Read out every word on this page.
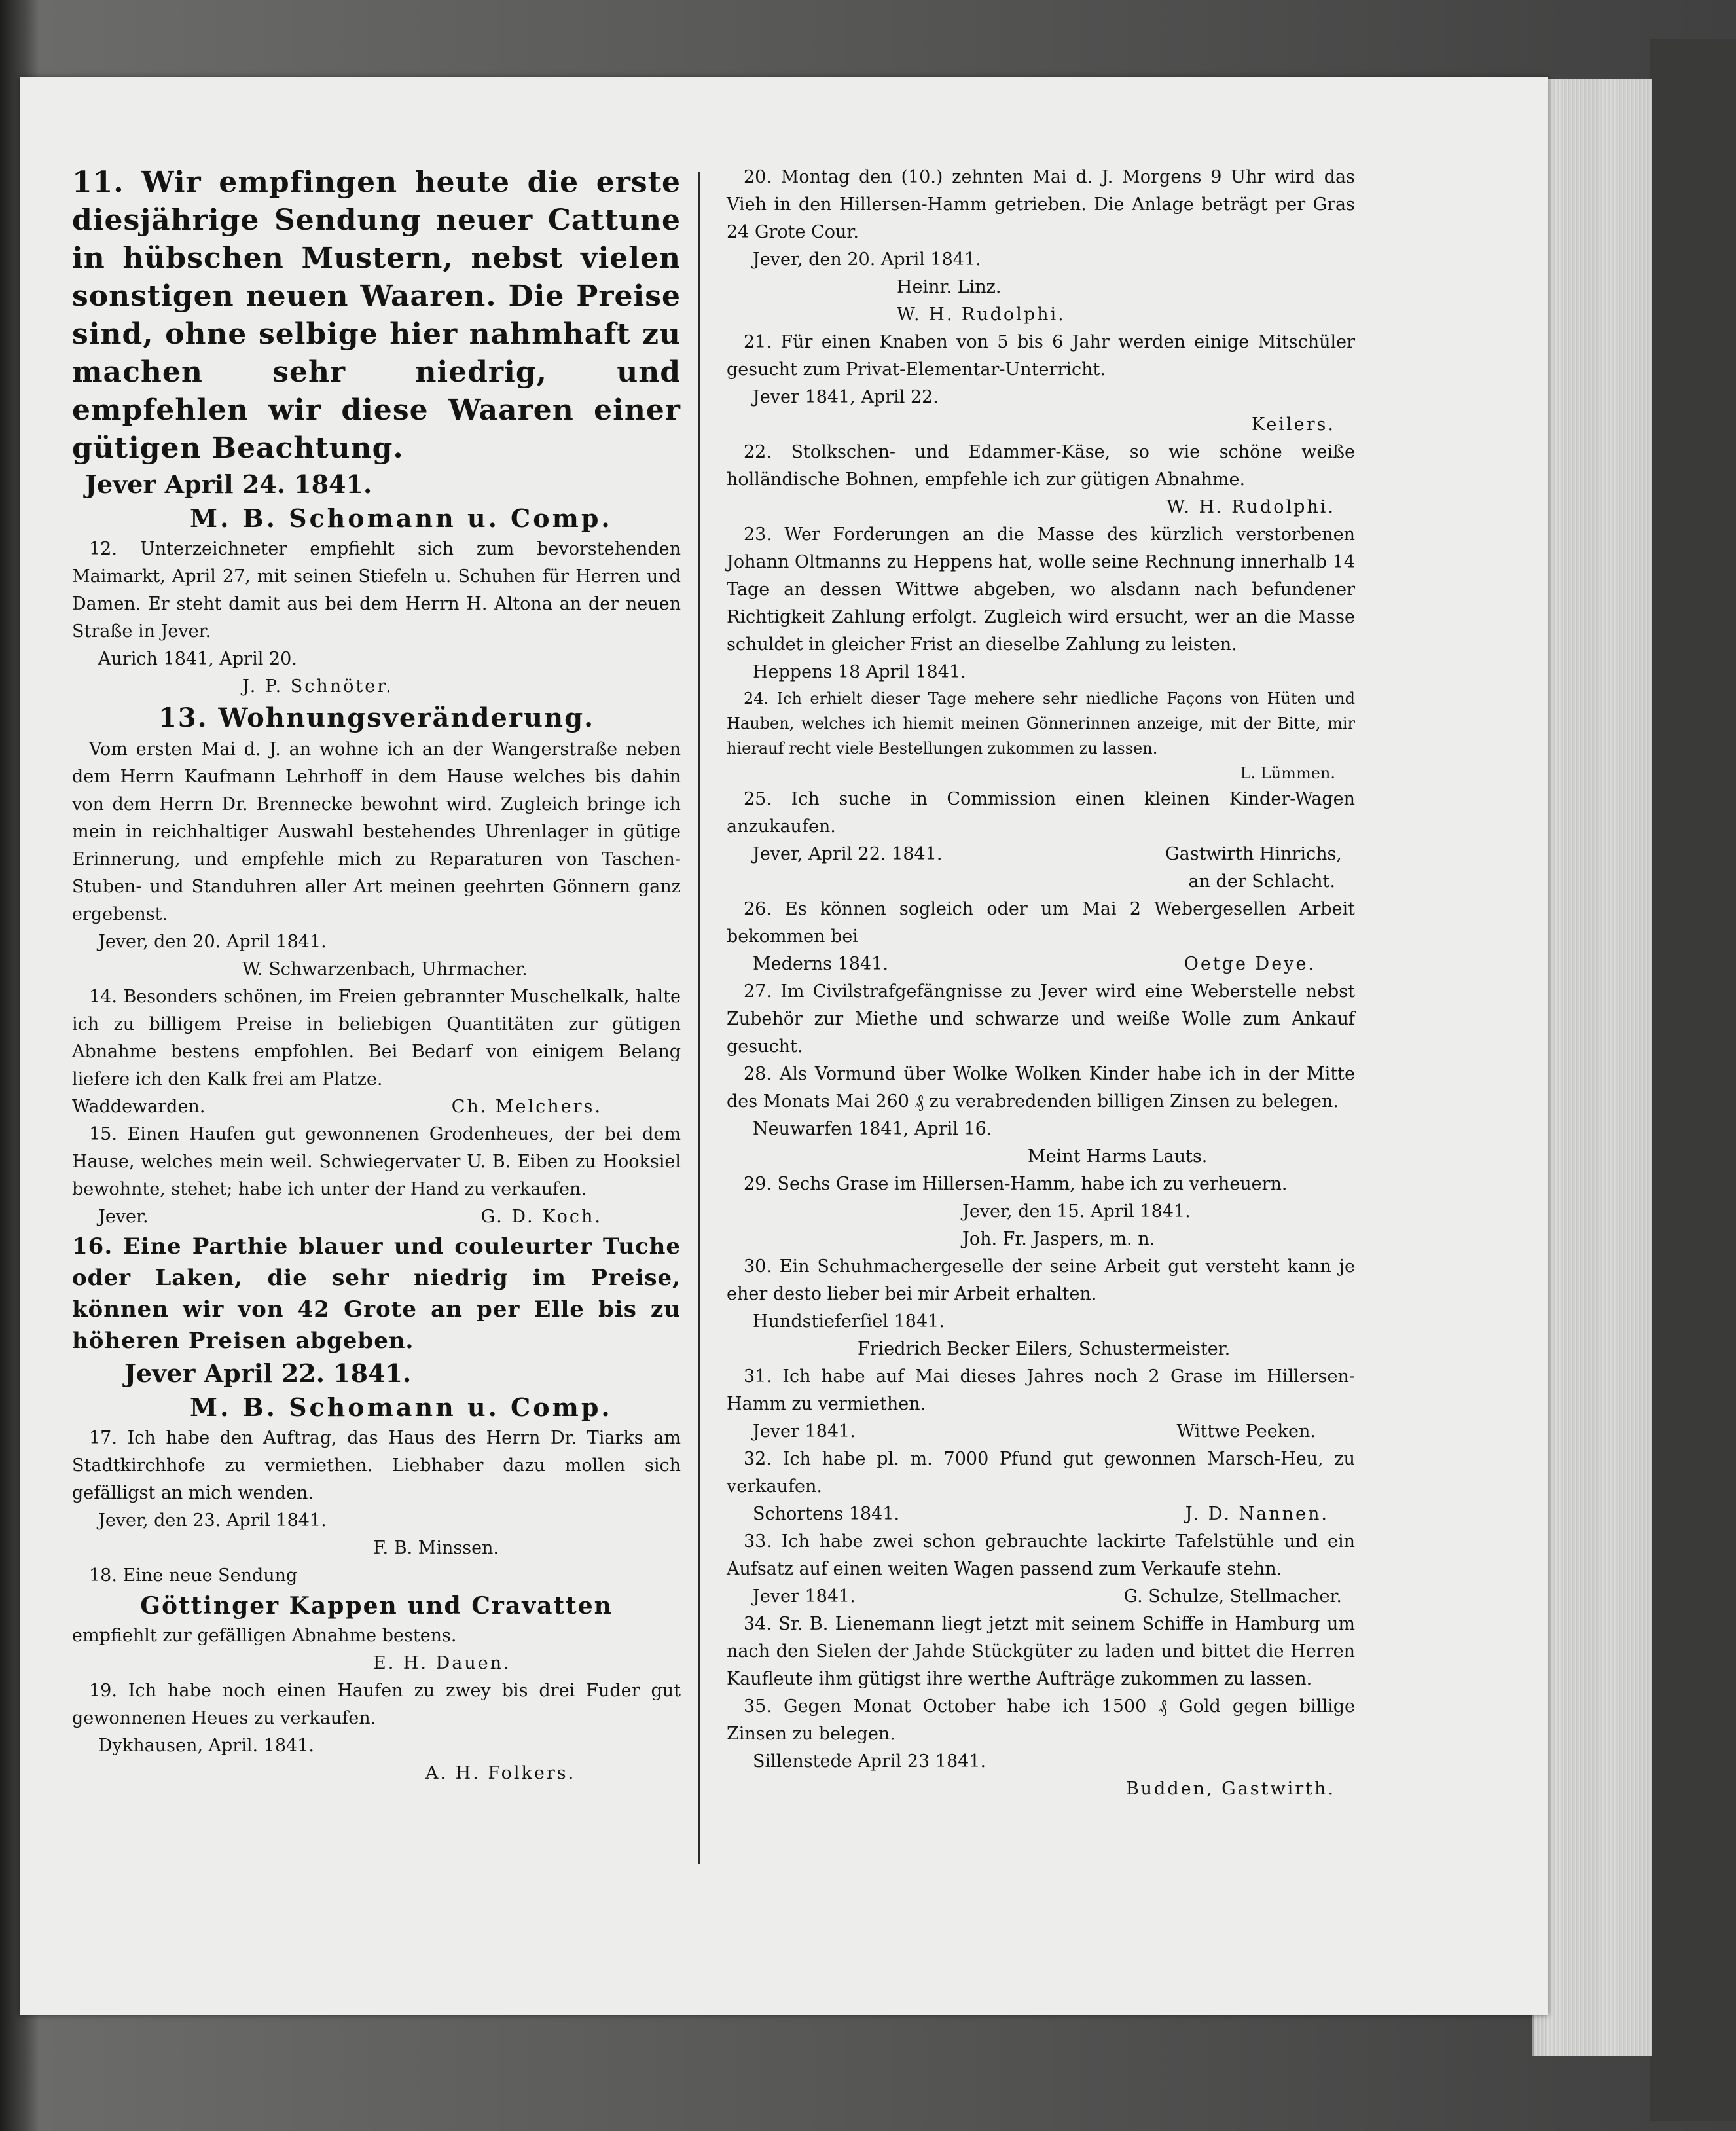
11. Wir empfingen heute die erste diesjährige Sendung neuer Cattune in hübschen Mustern, nebst vielen sonstigen neuen Waaren. Die Preise sind, ohne selbige hier nahmhaft zu machen sehr niedrig, und empfehlen wir diese Waaren einer gütigen Beachtung.

Jever April 24. 1841.
M. B. Schomann u. Comp.

12. Unterzeichneter empfiehlt sich zum bevorstehenden Maimarkt, April 27, mit seinen Stiefeln u. Schuhen für Herren und Damen. Er steht damit aus bei dem Herrn H. Altona an der neuen Straße in Jever.

Aurich 1841, April 20.
J. P. Schnöter.
13. Wohnungsveränderung.

Vom ersten Mai d. J. an wohne ich an der Wangerstraße neben dem Herrn Kaufmann Lehrhoff in dem Hause welches bis dahin von dem Herrn Dr. Brennecke bewohnt wird. Zugleich bringe ich mein in reichhaltiger Auswahl bestehendes Uhrenlager in gütige Erinnerung, und empfehle mich zu Reparaturen von Taschen- Stuben- und Standuhren aller Art meinen geehrten Gönnern ganz ergebenst.

Jever, den 20. April 1841.
W. Schwarzenbach, Uhrmacher.

14. Besonders schönen, im Freien gebrannter Muschelkalk, halte ich zu billigem Preise in beliebigen Quantitäten zur gütigen Abnahme bestens empfohlen. Bei Bedarf von einigem Belang liefere ich den Kalk frei am Platze.

Waddewarden.	Ch. Melchers.

15. Einen Haufen gut gewonnenen Grodenheues, der bei dem Hause, welches mein weil. Schwiegervater U. B. Eiben zu Hooksiel bewohnte, stehet; habe ich unter der Hand zu verkaufen.

Jever.	G. D. Koch.

16. Eine Parthie blauer und couleurter Tuche oder Laken, die sehr niedrig im Preise, können wir von 42 Grote an per Elle bis zu höheren Preisen abgeben.

Jever April 22. 1841.
M. B. Schomann u. Comp.

17. Ich habe den Auftrag, das Haus des Herrn Dr. Tiarks am Stadtkirchhofe zu vermiethen. Liebhaber dazu mollen sich gefälligst an mich wenden.

Jever, den 23. April 1841.
F. B. Minssen.
18. Eine neue Sendung
Göttinger Kappen und Cravatten
empfiehlt zur gefälligen Abnahme bestens.
E. H. Dauen.

19. Ich habe noch einen Haufen zu zwey bis drei Fuder gut gewonnenen Heues zu verkaufen.

Dykhausen, April. 1841.
A. H. Folkers.

20. Montag den (10.) zehnten Mai d. J. Morgens 9 Uhr wird das Vieh in den Hillersen-Hamm getrieben. Die Anlage beträgt per Gras 24 Grote Cour.

Jever, den 20. April 1841.
Heinr. Linz.
W. H. Rudolphi.

21. Für einen Knaben von 5 bis 6 Jahr werden einige Mitschüler gesucht zum Privat-Elementar-Unterricht.

Jever 1841, April 22.
Keilers.

22. Stolkschen- und Edammer-Käse, so wie schöne weiße holländische Bohnen, empfehle ich zur gütigen Abnahme.

W. H. Rudolphi.

23. Wer Forderungen an die Masse des kürzlich verstorbenen Johann Oltmanns zu Heppens hat, wolle seine Rechnung innerhalb 14 Tage an dessen Wittwe abgeben, wo alsdann nach befundener Richtigkeit Zahlung erfolgt. Zugleich wird ersucht, wer an die Masse schuldet in gleicher Frist an dieselbe Zahlung zu leisten.

Heppens 18 April 1841.

24. Ich erhielt dieser Tage mehere sehr niedliche Façons von Hüten und Hauben, welches ich hiemit meinen Gönnerinnen anzeige, mit der Bitte, mir hierauf recht viele Bestellungen zukommen zu lassen.

L. Lümmen.

25. Ich suche in Commission einen kleinen Kinder-Wagen anzukaufen.

Jever, April 22. 1841.	Gastwirth Hinrichs,
an der Schlacht.

26. Es können sogleich oder um Mai 2 Webergesellen Arbeit bekommen bei

Mederns 1841.	Oetge Deye.

27. Im Civilstrafgefängnisse zu Jever wird eine Weberstelle nebst Zubehör zur Miethe und schwarze und weiße Wolle zum Ankauf gesucht.

28. Als Vormund über Wolke Wolken Kinder habe ich in der Mitte des Monats Mai 260 ₰ zu verabredenden billigen Zinsen zu belegen.

Neuwarfen 1841, April 16.
Meint Harms Lauts.

29. Sechs Grase im Hillersen-Hamm, habe ich zu verheuern.

Jever, den 15. April 1841.
Joh. Fr. Jaspers, m. n.

30. Ein Schuhmachergeselle der seine Arbeit gut versteht kann je eher desto lieber bei mir Arbeit erhalten.

Hundstieferſiel 1841.
Friedrich Becker Eilers, Schustermeister.

31. Ich habe auf Mai dieses Jahres noch 2 Grase im Hillersen-Hamm zu vermiethen.

Jever 1841.	Wittwe Peeken.

32. Ich habe pl. m. 7000 Pfund gut gewonnen Marsch-Heu, zu verkaufen.

Schortens 1841.	J. D. Nannen.

33. Ich habe zwei schon gebrauchte lackirte Tafelstühle und ein Aufsatz auf einen weiten Wagen passend zum Verkaufe stehn.

Jever 1841.	G. Schulze, Stellmacher.

34. Sr. B. Lienemann liegt jetzt mit seinem Schiffe in Hamburg um nach den Sielen der Jahde Stückgüter zu laden und bittet die Herren Kaufleute ihm gütigst ihre werthe Aufträge zukommen zu lassen.

35. Gegen Monat October habe ich 1500 ₰ Gold gegen billige Zinsen zu belegen.

Sillenstede April 23 1841.
Budden, Gastwirth.
